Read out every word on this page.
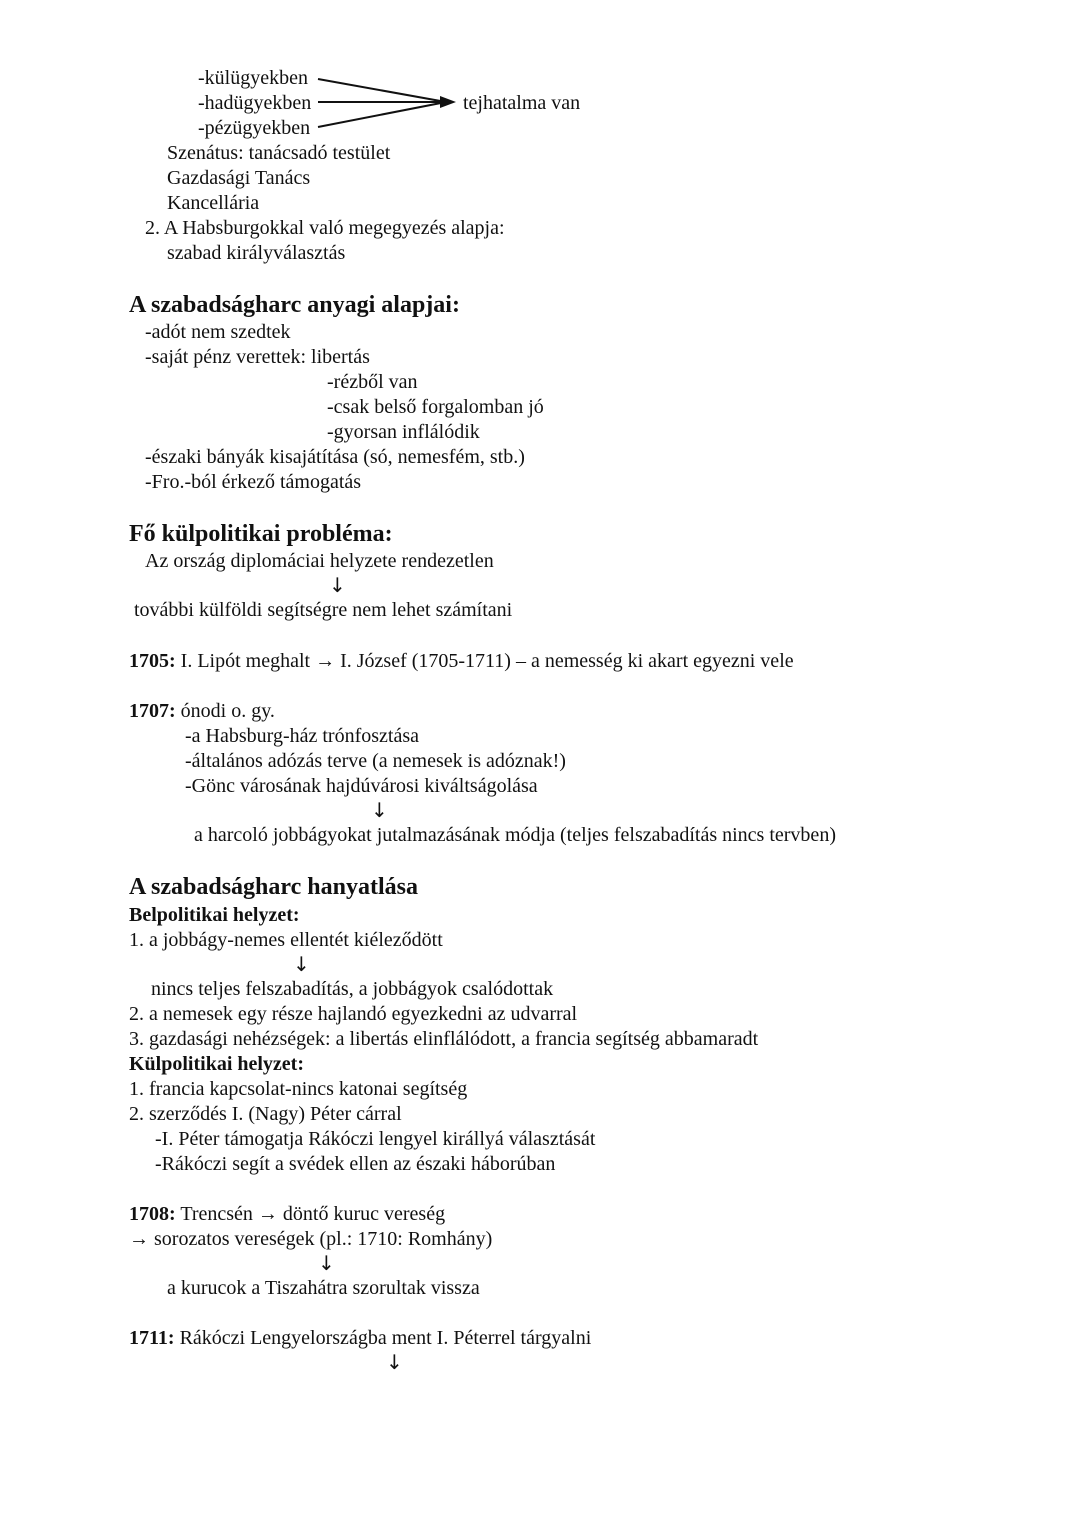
-külügyekben
-hadügyekben
-pézügyekben
tejhatalma van
Szenátus: tanácsadó testület
Gazdasági Tanács
Kancellária
2. A Habsburgokkal való megegyezés alapja:
szabad királyválasztás
A szabadságharc anyagi alapjai:
-adót nem szedtek
-saját pénz verettek: libertás
-rézből van
-csak belső forgalomban jó
-gyorsan inflálódik
-északi bányák kisajátítása (só, nemesfém, stb.)
-Fro.-ból érkező támogatás
Fő külpolitikai probléma:
Az ország diplomáciai helyzete rendezetlen
↓
további külföldi segítségre nem lehet számítani
1705: I. Lipót meghalt → I. József (1705-1711) – a nemesség ki akart egyezni vele
1707: ónodi o. gy.
-a Habsburg-ház trónfosztása
-általános adózás terve (a nemesek is adóznak!)
-Gönc városának hajdúvárosi kiváltságolása
↓
a harcoló jobbágyokat jutalmazásának módja (teljes felszabadítás nincs tervben)
A szabadságharc hanyatlása
Belpolitikai helyzet:
1. a jobbágy-nemes ellentét kiéleződött
↓
nincs teljes felszabadítás, a jobbágyok csalódottak
2. a nemesek egy része hajlandó egyezkedni az udvarral
3. gazdasági nehézségek: a libertás elinflálódott, a francia segítség abbamaradt
Külpolitikai helyzet:
1. francia kapcsolat-nincs katonai segítség
2. szerződés I. (Nagy) Péter cárral
-I. Péter támogatja Rákóczi lengyel királlyá választását
-Rákóczi segít a svédek ellen az északi háborúban
1708: Trencsén → döntő kuruc vereség
→ sorozatos vereségek (pl.: 1710: Romhány)
↓
a kurucok a Tiszahátra szorultak vissza
1711: Rákóczi Lengyelországba ment I. Péterrel tárgyalni
↓
